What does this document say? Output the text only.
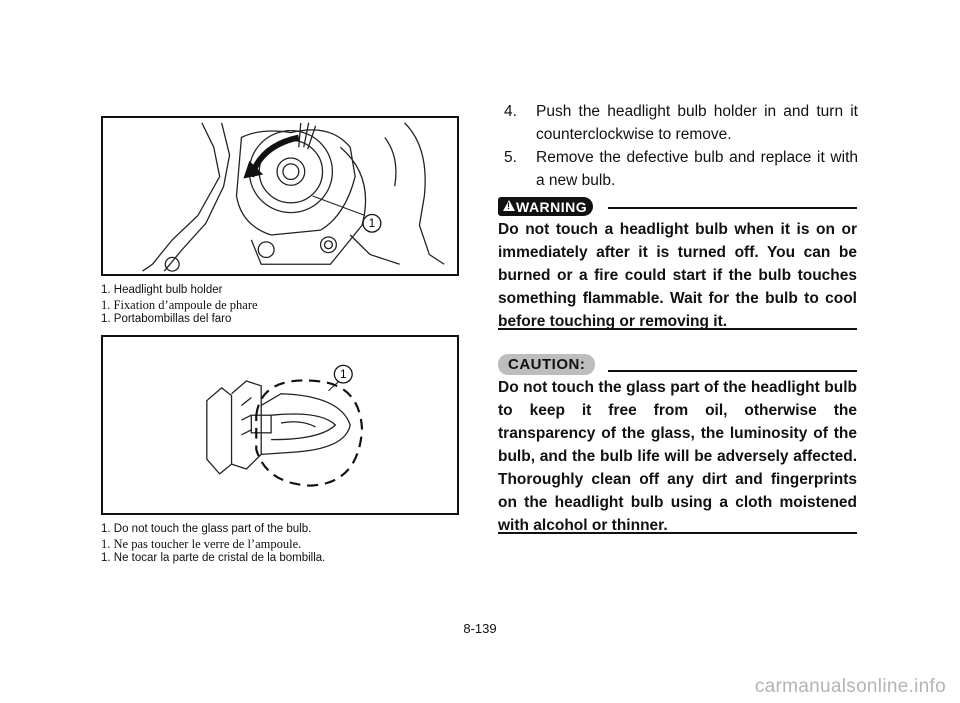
1
1. Headlight bulb holder
1. Fixation d’ampoule de phare
1. Portabombillas del faro
1
1. Do not touch the glass part of the bulb.
1. Ne pas toucher le verre de l’ampoule.
1. Ne tocar la parte de cristal de la bombilla.
4.	Push the headlight bulb holder in and turn it counterclockwise to remove.
5.	Remove the defective bulb and replace it with a new bulb.
!
WARNING
Do not touch a headlight bulb when it is on or immediately after it is turned off. You can be burned or a fire could start if the bulb touches something flammable. Wait for the bulb to cool before touching or removing it.
CAUTION:
Do not touch the glass part of the headlight bulb to keep it free from oil, otherwise the transparency of the glass, the luminosity of the bulb, and the bulb life will be adversely affected. Thoroughly clean off any dirt and fingerprints on the headlight bulb using a cloth moistened with alcohol or thinner.
8-139
carmanualsonline.info
